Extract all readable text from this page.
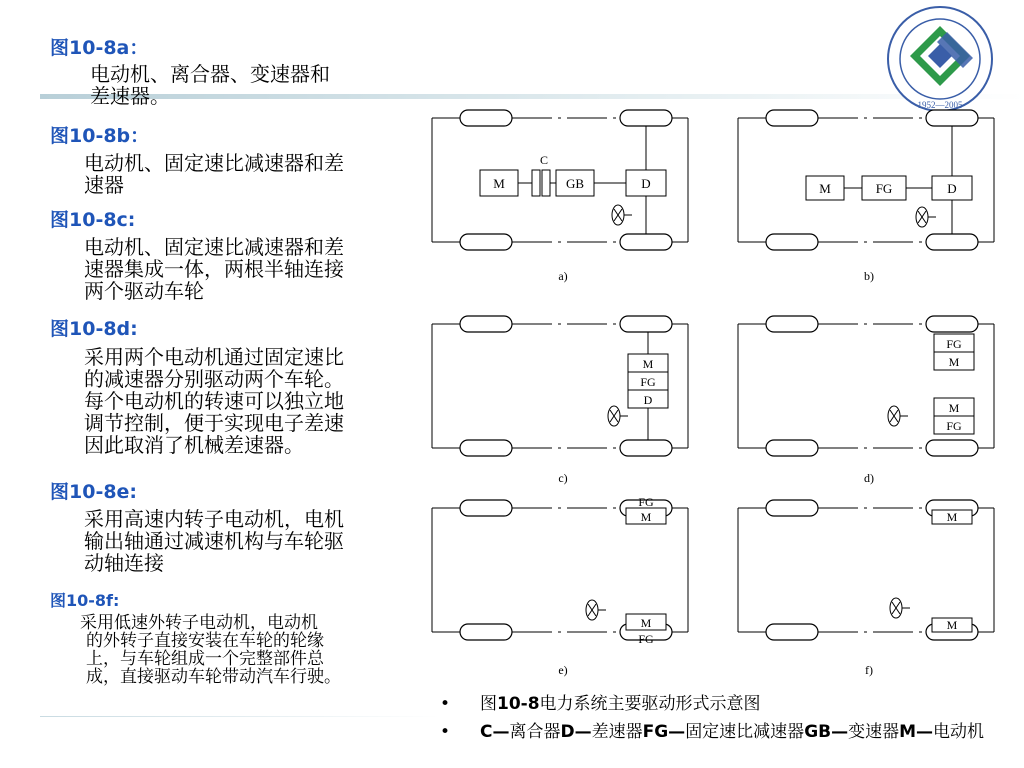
1952—2005
图10-8a：
电动机、离合器、变速器和
差速器。
图10-8b：
电动机、固定速比减速器和差
速器
图10-8c:
电动机、固定速比减速器和差
速器集成一体，两根半轴连接
两个驱动车轮
图10-8d:
采用两个电动机通过固定速比
的减速器分别驱动两个车轮。
每个电动机的转速可以独立地
调节控制，便于实现电子差速
因此取消了机械差速器。
图10-8e:
采用高速内转子电动机，电机
输出轴通过减速机构与车轮驱
动轴连接
图10-8f:
采用低速外转子电动机，电动机
的外转子直接安装在车轮的轮缘
上，与车轮组成一个完整部件总
成，直接驱动车轮带动汽车行驶。
M
C
GB	D
a)
M	FG	D
b)
M
FG
D
c)
FG
M
M
FG
d)
M
FG
M
FG
e)
M
M
f)
• 图10-8电力系统主要驱动形式示意图
• C—离合器D—差速器FG—固定速比减速器GB—变速器M—电动机
